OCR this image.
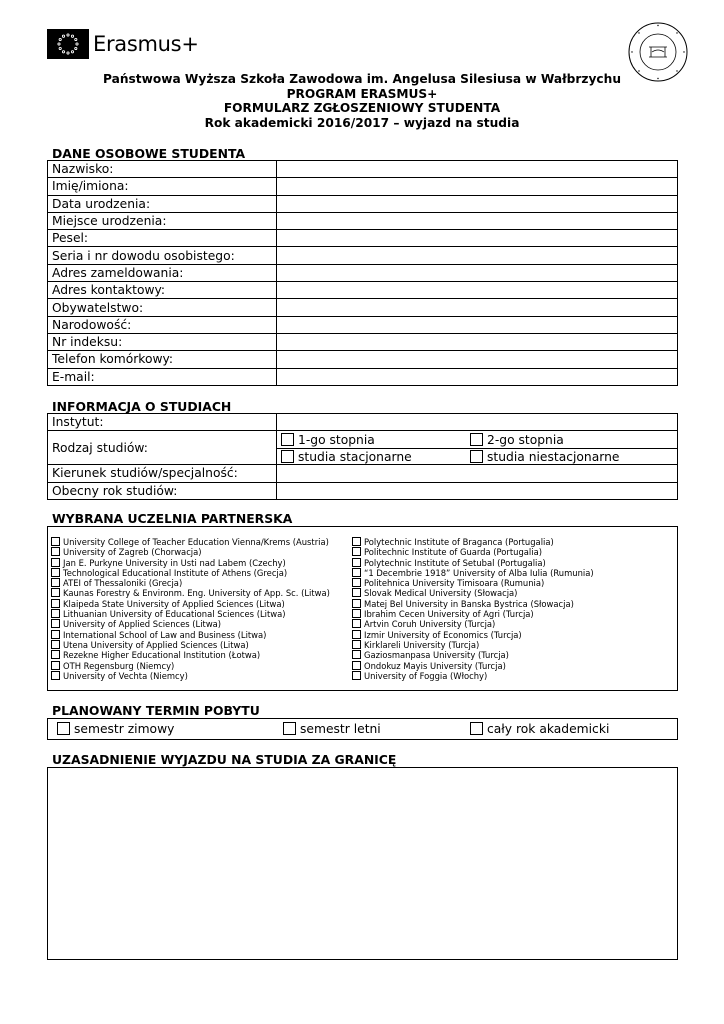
Erasmus+
Państwowa Wyższa Szkoła Zawodowa im. Angelusa Silesiusa w Wałbrzychu
PROGRAM ERASMUS+
FORMULARZ ZGŁOSZENIOWY STUDENTA
Rok akademicki 2016/2017 – wyjazd na studia
DANE OSOBOWE STUDENTA
Nazwisko:	
Imię/imiona:	
Data urodzenia:	
Miejsce urodzenia:	
Pesel:	
Seria i nr dowodu osobistego:	
Adres zameldowania:	
Adres kontaktowy:	
Obywatelstwo:	
Narodowość:	
Nr indeksu:	
Telefon komórkowy:	
E-mail:	
INFORMACJA O STUDIACH
Instytut:	
Rodzaj studiów:	1-go stopnia 2-go stopnia
studia stacjonarne studia niestacjonarne

Kierunek studiów/specjalność:	
Obecny rok studiów:	
WYBRANA UCZELNIA PARTNERSKA
University College of Teacher Education Vienna/Krems (Austria)
University of Zagreb (Chorwacja)
Jan E. Purkyne University in Usti nad Labem (Czechy)
Technological Educational Institute of Athens (Grecja)
ATEI of Thessaloniki (Grecja)
Kaunas Forestry & Environm. Eng. University of App. Sc. (Litwa)
Klaipeda State University of Applied Sciences (Litwa)
Lithuanian University of Educational Sciences (Litwa)
University of Applied Sciences (Litwa)
International School of Law and Business (Litwa)
Utena University of Applied Sciences (Litwa)
Rezekne Higher Educational Institution (Łotwa)
OTH Regensburg (Niemcy)
University of Vechta (Niemcy)
Polytechnic Institute of Braganca (Portugalia)
Politechnic Institute of Guarda (Portugalia)
Polytechnic Institute of Setubal (Portugalia)
“1 Decembrie 1918” University of Alba Iulia (Rumunia)
Politehnica University Timisoara (Rumunia)
Slovak Medical University (Słowacja)
Matej Bel University in Banska Bystrica (Słowacja)
Ibrahim Cecen University of Agri (Turcja)
Artvin Coruh University (Turcja)
Izmir University of Economics (Turcja)
Kirklareli University (Turcja)
Gaziosmanpasa University (Turcja)
Ondokuz Mayis University (Turcja)
University of Foggia (Włochy)
PLANOWANY TERMIN POBYTU
semestr zimowy	semestr letni	cały rok akademicki
UZASADNIENIE WYJAZDU NA STUDIA ZA GRANICĘ
